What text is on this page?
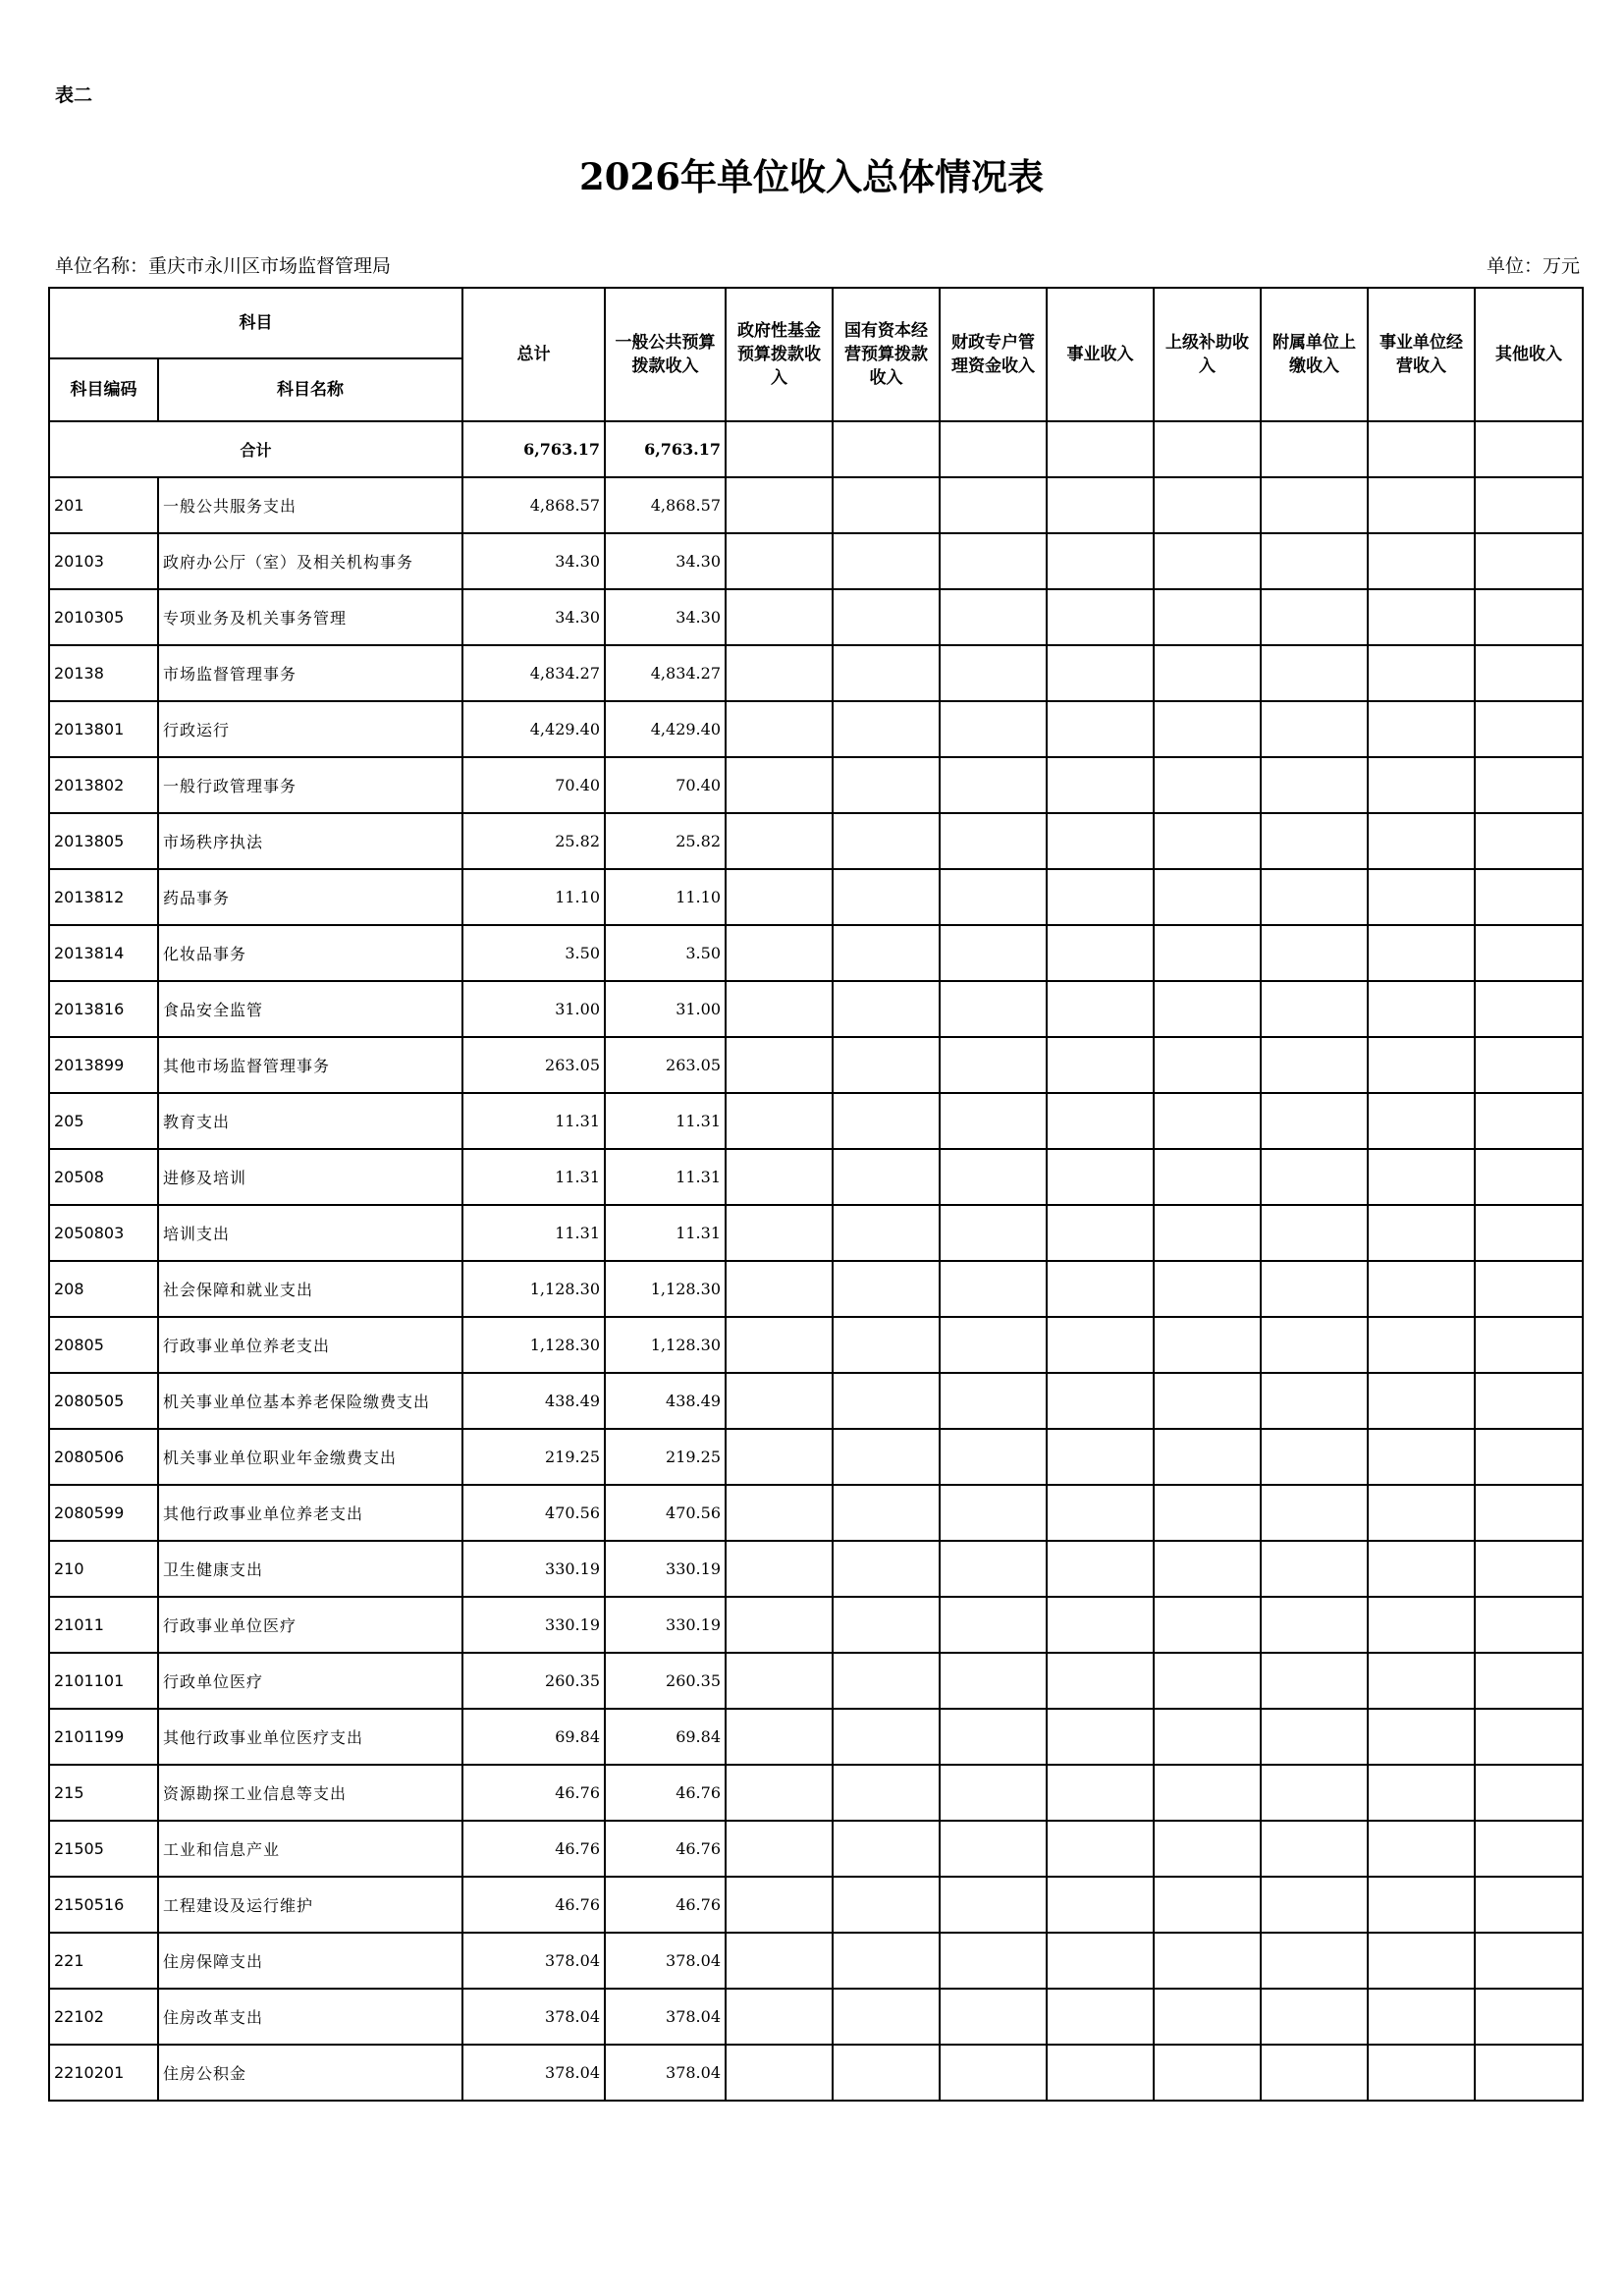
表二
2026年单位收入总体情况表
单位名称：重庆市永川区市场监督管理局	单位：万元
科目		总计	一般公共预算拨款收入	政府性基金预算拨款收入	国有资本经营预算拨款收入	财政专户管理资金收入	事业收入	上级补助收入	附属单位上缴收入	事业单位经营收入	其他收入
科目编码	科目名称										
合计		6,763.17	6,763.17								
201	一般公共服务支出	4,868.57	4,868.57								
20103	政府办公厅（室）及相关机构事务	34.30	34.30								
2010305	专项业务及机关事务管理	34.30	34.30								
20138	市场监督管理事务	4,834.27	4,834.27								
2013801	行政运行	4,429.40	4,429.40								
2013802	一般行政管理事务	70.40	70.40								
2013805	市场秩序执法	25.82	25.82								
2013812	药品事务	11.10	11.10								
2013814	化妆品事务	3.50	3.50								
2013816	食品安全监管	31.00	31.00								
2013899	其他市场监督管理事务	263.05	263.05								
205	教育支出	11.31	11.31								
20508	进修及培训	11.31	11.31								
2050803	培训支出	11.31	11.31								
208	社会保障和就业支出	1,128.30	1,128.30								
20805	行政事业单位养老支出	1,128.30	1,128.30								
2080505	机关事业单位基本养老保险缴费支出	438.49	438.49								
2080506	机关事业单位职业年金缴费支出	219.25	219.25								
2080599	其他行政事业单位养老支出	470.56	470.56								
210	卫生健康支出	330.19	330.19								
21011	行政事业单位医疗	330.19	330.19								
2101101	行政单位医疗	260.35	260.35								
2101199	其他行政事业单位医疗支出	69.84	69.84								
215	资源勘探工业信息等支出	46.76	46.76								
21505	工业和信息产业	46.76	46.76								
2150516	工程建设及运行维护	46.76	46.76								
221	住房保障支出	378.04	378.04								
22102	住房改革支出	378.04	378.04								
2210201	住房公积金	378.04	378.04								
